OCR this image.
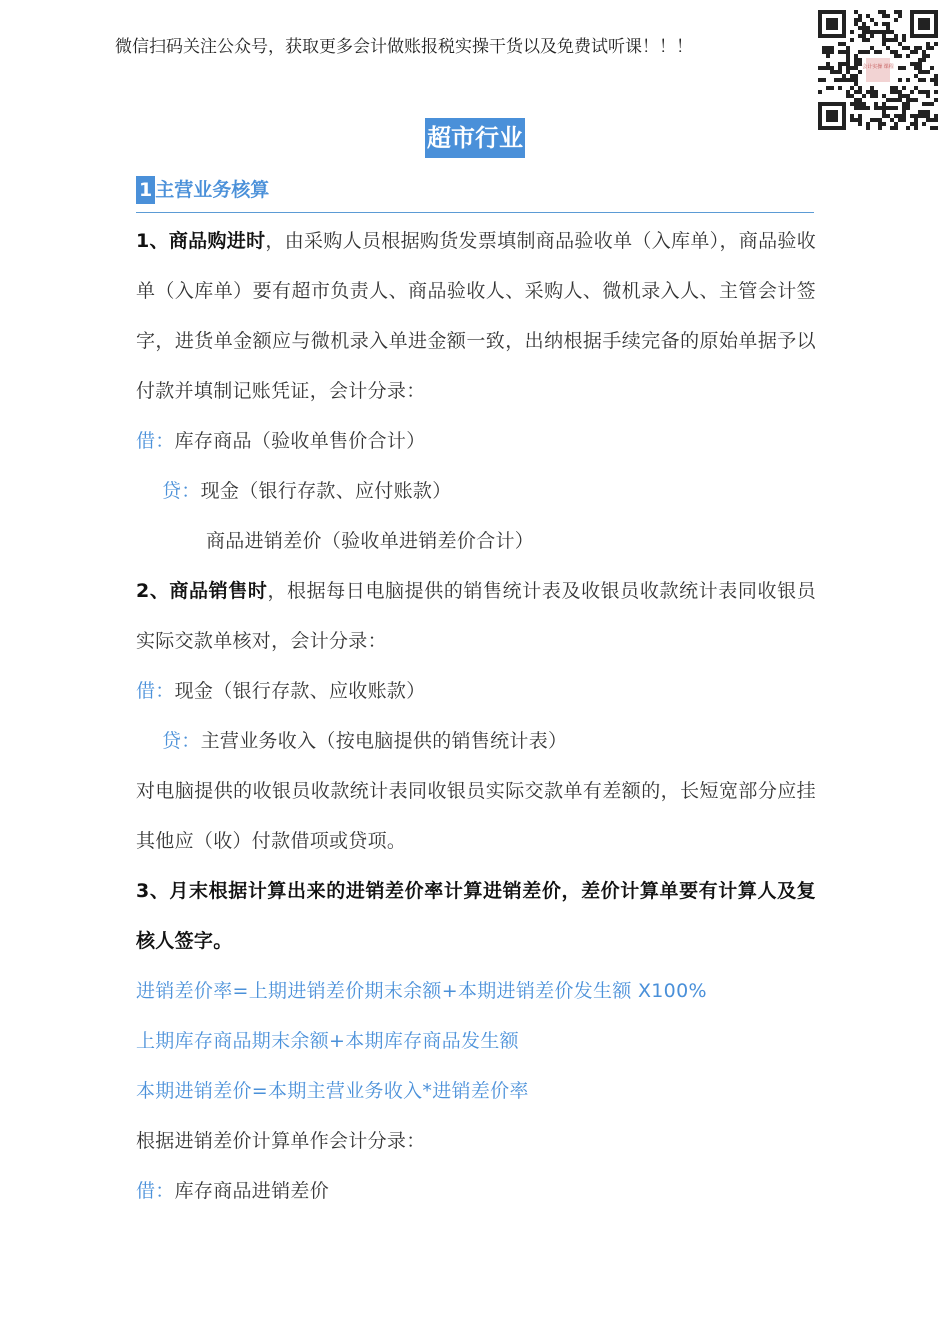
微信扫码关注公众号，获取更多会计做账报税实操干货以及免费试听课！！！
会计实操 课程
超市行业
1 主营业务核算

1、商品购进时，由采购人员根据购货发票填制商品验收单（入库单），商品验收单（入库单）要有超市负责人、商品验收人、采购人、微机录入人、主管会计签字，进货单金额应与微机录入单进金额一致，出纳根据手续完备的原始单据予以付款并填制记账凭证，会计分录：

借：库存商品（验收单售价合计）

贷：现金（银行存款、应付账款）

商品进销差价（验收单进销差价合计）

2、商品销售时，根据每日电脑提供的销售统计表及收银员收款统计表同收银员实际交款单核对，会计分录：

借：现金（银行存款、应收账款）

贷：主营业务收入（按电脑提供的销售统计表）

对电脑提供的收银员收款统计表同收银员实际交款单有差额的，长短宽部分应挂其他应（收）付款借项或贷项。

3、月末根据计算出来的进销差价率计算进销差价，差价计算单要有计算人及复核人签字。

进销差价率=上期进销差价期末余额+本期进销差价发生额 X100%

上期库存商品期末余额+本期库存商品发生额

本期进销差价=本期主营业务收入*进销差价率

根据进销差价计算单作会计分录：

借：库存商品进销差价
